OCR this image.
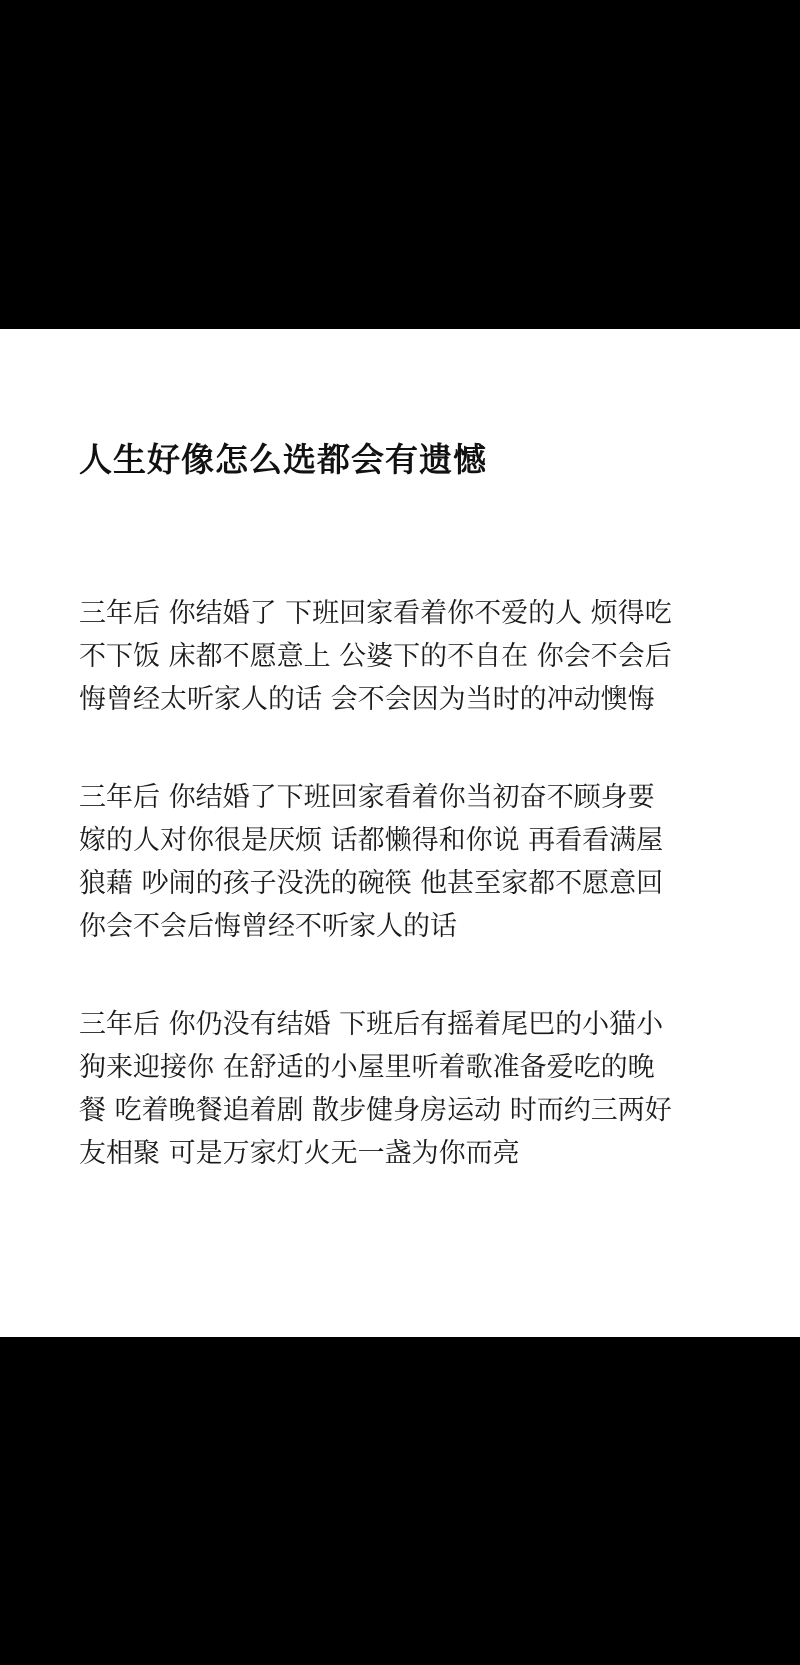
人生好像怎么选都会有遗憾

三年后 你结婚了 下班回家看着你不爱的人 烦得吃
不下饭 床都不愿意上 公婆下的不自在 你会不会后
悔曾经太听家人的话 会不会因为当时的冲动懊悔

三年后 你结婚了下班回家看着你当初奋不顾身要
嫁的人对你很是厌烦 话都懒得和你说 再看看满屋
狼藉 吵闹的孩子没洗的碗筷 他甚至家都不愿意回
你会不会后悔曾经不听家人的话

三年后 你仍没有结婚 下班后有摇着尾巴的小猫小
狗来迎接你 在舒适的小屋里听着歌准备爱吃的晚
餐 吃着晚餐追着剧 散步健身房运动 时而约三两好
友相聚 可是万家灯火无一盏为你而亮
